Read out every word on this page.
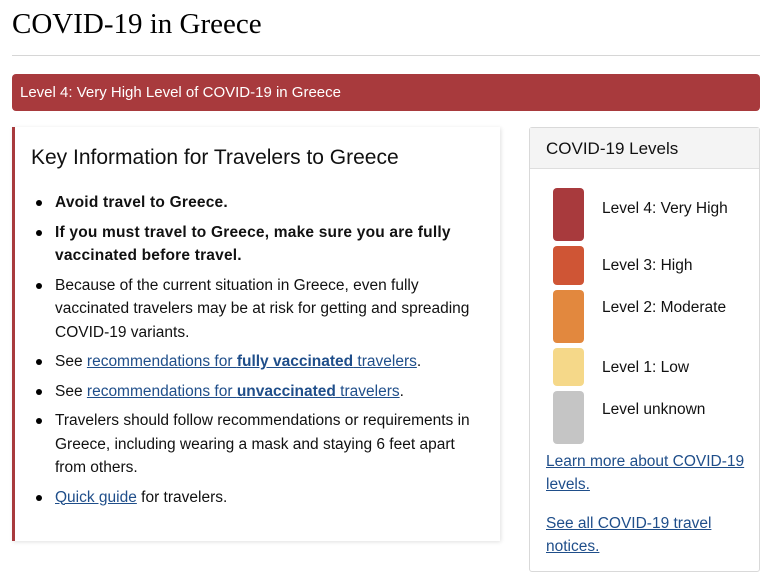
COVID-19 in Greece
Level 4: Very High Level of COVID-19 in Greece
Key Information for Travelers to Greece
Avoid travel to Greece.
If you must travel to Greece, make sure you are fully vaccinated before travel.
Because of the current situation in Greece, even fully vaccinated travelers may be at risk for getting and spreading COVID-19 variants.
See recommendations for fully vaccinated travelers.
See recommendations for unvaccinated travelers.
Travelers should follow recommendations or requirements in Greece, including wearing a mask and staying 6 feet apart from others.
Quick guide for travelers.
COVID-19 Levels
Level 4: Very High
Level 3: High
Level 2: Moderate
Level 1: Low
Level unknown
Learn more about COVID-19 levels.
See all COVID-19 travel notices.
